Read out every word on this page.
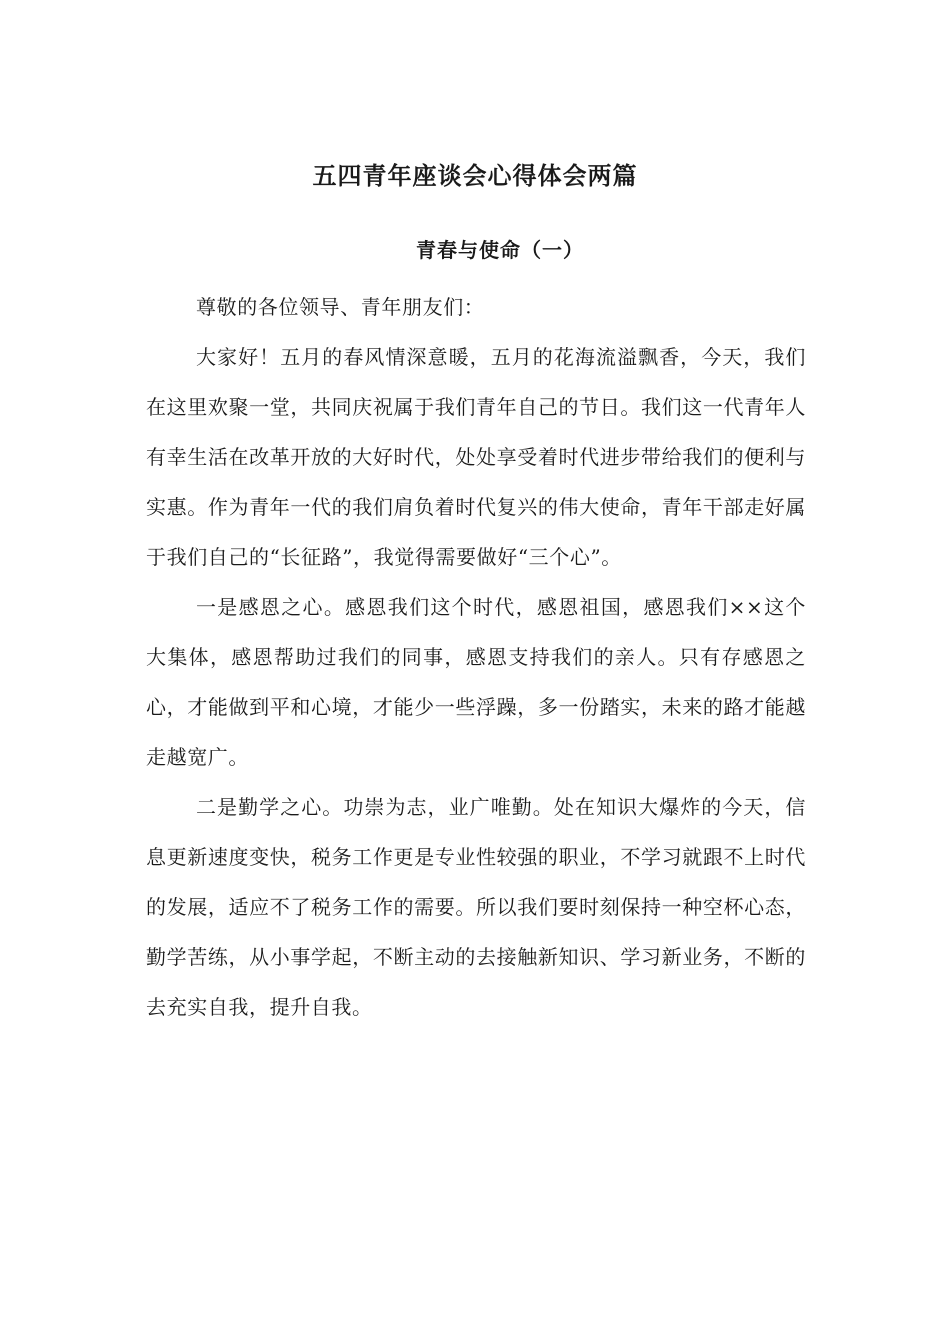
五四青年座谈会心得体会两篇
青春与使命（一）

尊敬的各位领导、青年朋友们：

大家好！五月的春风情深意暖，五月的花海流溢飘香，今天，我们在这里欢聚一堂，共同庆祝属于我们青年自己的节日。我们这一代青年人有幸生活在改革开放的大好时代，处处享受着时代进步带给我们的便利与实惠。作为青年一代的我们肩负着时代复兴的伟大使命，青年干部走好属于我们自己的“长征路”，我觉得需要做好“三个心”。

一是感恩之心。感恩我们这个时代，感恩祖国，感恩我们××这个大集体，感恩帮助过我们的同事，感恩支持我们的亲人。只有存感恩之心，才能做到平和心境，才能少一些浮躁，多一份踏实，未来的路才能越走越宽广。

二是勤学之心。功崇为志，业广唯勤。处在知识大爆炸的今天，信息更新速度变快，税务工作更是专业性较强的职业，不学习就跟不上时代的发展，适应不了税务工作的需要。所以我们要时刻保持一种空杯心态，勤学苦练，从小事学起，不断主动的去接触新知识、学习新业务，不断的去充实自我，提升自我。
